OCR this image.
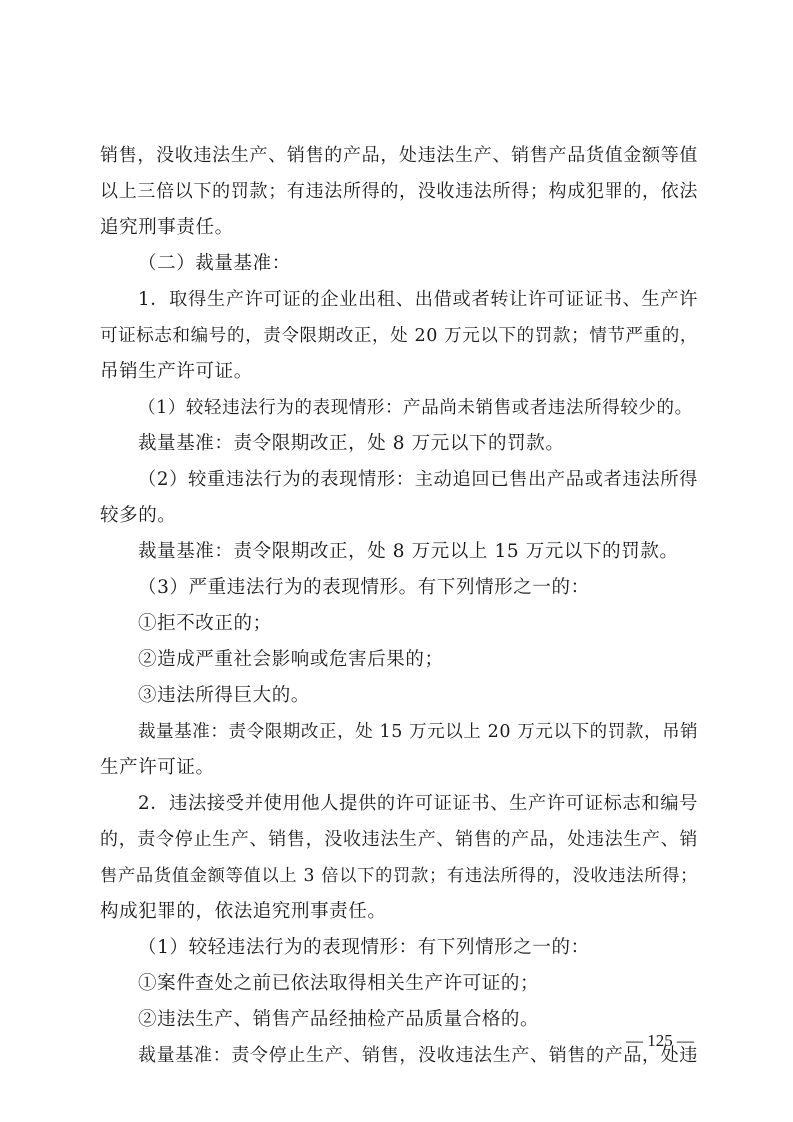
销售，没收违法生产、销售的产品，处违法生产、销售产品货值金额等值
以上三倍以下的罚款；有违法所得的，没收违法所得；构成犯罪的，依法
追究刑事责任。
（二）裁量基准：
1．取得生产许可证的企业出租、出借或者转让许可证证书、生产许
可证标志和编号的，责令限期改正，处 20 万元以下的罚款；情节严重的，
吊销生产许可证。
（1）较轻违法行为的表现情形：产品尚未销售或者违法所得较少的。
裁量基准：责令限期改正，处 8 万元以下的罚款。
（2）较重违法行为的表现情形：主动追回已售出产品或者违法所得
较多的。
裁量基准：责令限期改正，处 8 万元以上 15 万元以下的罚款。
（3）严重违法行为的表现情形。有下列情形之一的：
①拒不改正的；
②造成严重社会影响或危害后果的；
③违法所得巨大的。
裁量基准：责令限期改正，处 15 万元以上 20 万元以下的罚款，吊销
生产许可证。
2．违法接受并使用他人提供的许可证证书、生产许可证标志和编号
的，责令停止生产、销售，没收违法生产、销售的产品，处违法生产、销
售产品货值金额等值以上 3 倍以下的罚款；有违法所得的，没收违法所得；
构成犯罪的，依法追究刑事责任。
（1）较轻违法行为的表现情形：有下列情形之一的：
①案件查处之前已依法取得相关生产许可证的；
②违法生产、销售产品经抽检产品质量合格的。
裁量基准：责令停止生产、销售，没收违法生产、销售的产品，处违
— 125 —
